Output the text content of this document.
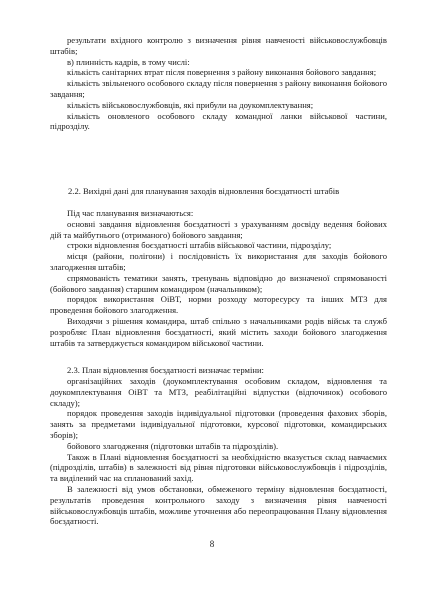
результати вхідного контролю з визначення рівня навченості військовослужбовців штабів;
в) плинність кадрів, в тому числі:
кількість санітарних втрат після повернення з району виконання бойового завдання;
кількість звільненого особового складу після повернення з району виконання бойового завдання;
кількість військовослужбовців, які прибули на доукомплектування;
кількість оновленого особового складу командної ланки військової частини, підрозділу.
2.2. Вихідні дані для планування заходів відновлення боєздатності штабів
Під час планування визначаються:
основні завдання відновлення боєздатності з урахуванням досвіду ведення бойових дій та майбутнього (отриманого) бойового завдання;
строки відновлення боєздатності штабів військової частини, підрозділу;
місця (райони, полігони) і послідовність їх використання для заходів бойового злагодження штабів;
спрямованість тематики занять, тренувань відповідно до визначеної спрямованості (бойового завдання) старшим командиром (начальником);
порядок використання ОіВТ, норми розходу моторесурсу та інших МТЗ для проведення бойового злагодження.
Виходячи з рішення командира, штаб спільно з начальниками родів військ та служб розробляє План відновлення боєздатності, який містить заходи бойового злагодження штабів та затверджується командиром військової частини.
2.3. План відновлення боєздатності визначає терміни:
організаційних заходів (доукомплектування особовим складом, відновлення та доукомплектування ОіВТ та МТЗ, реабілітаційні відпустки (відпочинок) особового складу);
порядок проведення заходів індивідуальної підготовки (проведення фахових зборів, занять за предметами індивідуальної підготовки, курсової підготовки, командирських зборів);
бойового злагодження (підготовки штабів та підрозділів).
Також в Плані відновлення боєздатності за необхідністю вказується склад навчаємих (підрозділів, штабів) в залежності від рівня підготовки військовослужбовців і підрозділів, та виділений час на спланований захід.
В залежності від умов обстановки, обмеженого терміну відновлення боєздатності, результатів проведення контрольного заходу з визначення рівня навченості військовослужбовців штабів, можливе уточнення або переопрацювання Плану відновлення боєздатності.
8
